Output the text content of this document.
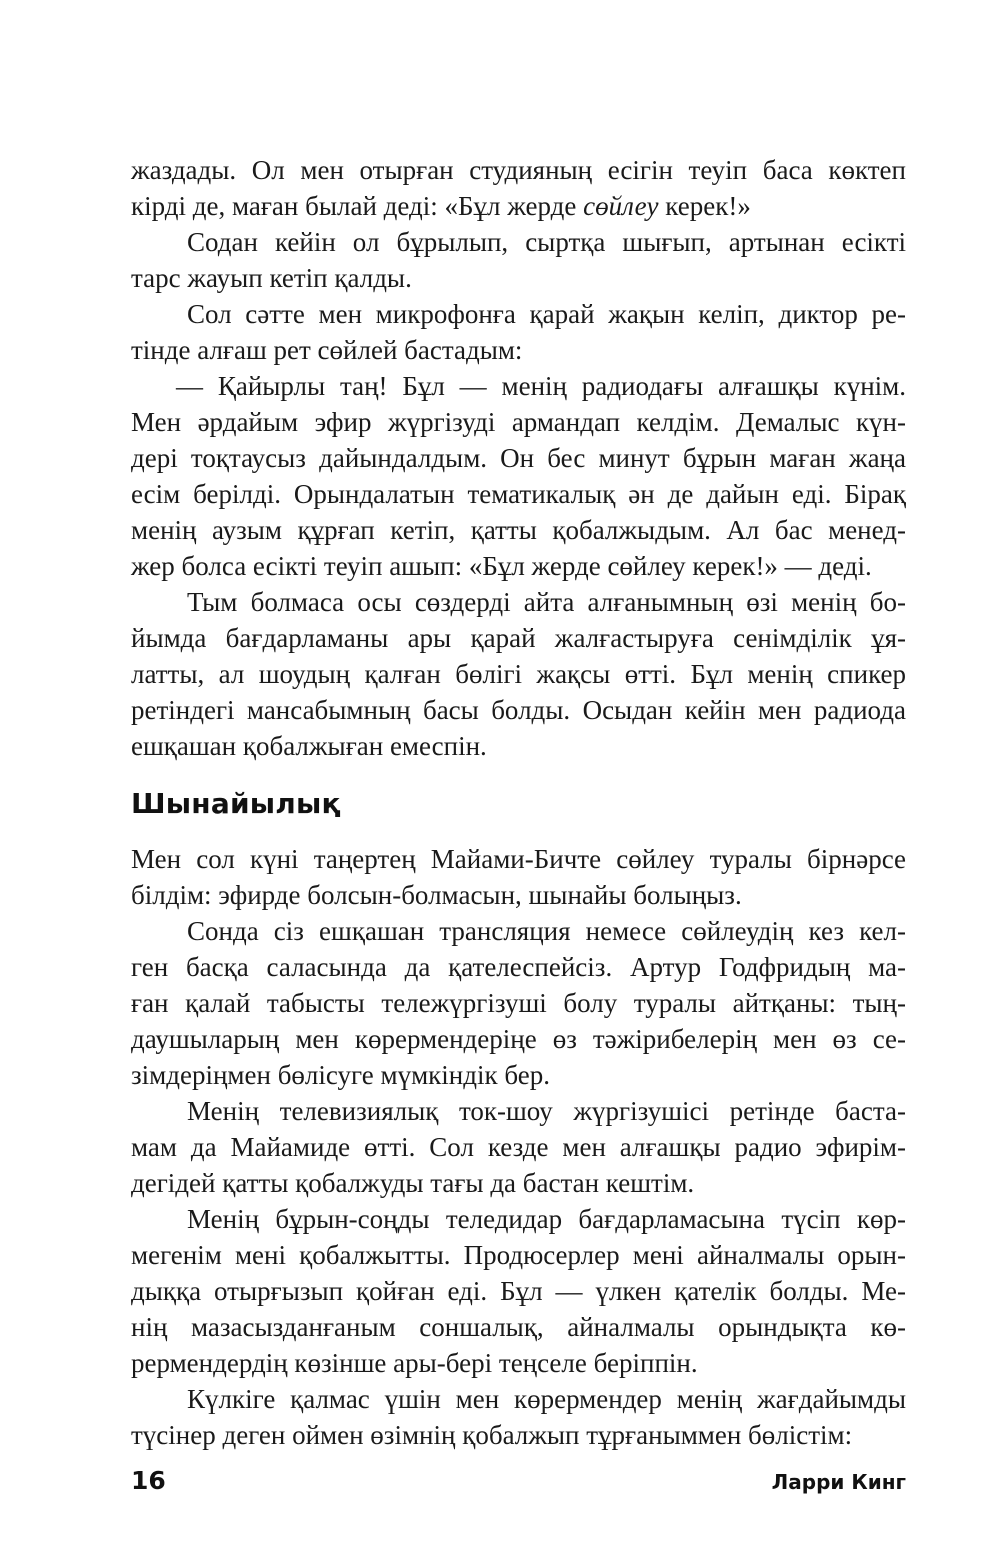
жаздады. Ол мен отырған студияның есігін теуіп баса көктеп
кірді де, маған былай деді: «Бұл жерде сөйлеу керек!»
Содан кейін ол бұрылып, сыртқа шығып, артынан есікті
тарс жауып кетіп қалды.
Сол сәтте мен микрофонға қарай жақын келіп, диктор ре-
тінде алғаш рет сөйлей бастадым:
— Қайырлы таң! Бұл — менің радиодағы алғашқы күнім.
Мен әрдайым эфир жүргізуді армандап келдім. Демалыс күн-
дері тоқтаусыз дайындалдым. Он бес минут бұрын маған жаңа
есім берілді. Орындалатын тематикалық ән де дайын еді. Бірақ
менің аузым құрғап кетіп, қатты қобалжыдым. Ал бас менед-
жер болса есікті теуіп ашып: «Бұл жерде сөйлеу керек!» — деді.
Тым болмаса осы сөздерді айта алғанымның өзі менің бо-
йымда бағдарламаны ары қарай жалғастыруға сенімділік ұя-
латты, ал шоудың қалған бөлігі жақсы өтті. Бұл менің спикер
ретіндегі мансабымның басы болды. Осыдан кейін мен радиода
ешқашан қобалжыған емеспін.
Шынайылық
Мен сол күні таңертең Майами-Бичте сөйлеу туралы бірнәрсе
білдім: эфирде болсын-болмасын, шынайы болыңыз.
Сонда сіз ешқашан трансляция немесе сөйлеудің кез кел-
ген басқа саласында да қателеспейсіз. Артур Годфридың ма-
ған қалай табысты тележүргізуші болу туралы айтқаны: тың-
даушыларың мен көрермендеріңе өз тәжірибелерің мен өз се-
зімдеріңмен бөлісуге мүмкіндік бер.
Менің телевизиялық ток-шоу жүргізушісі ретінде баста-
мам да Майамиде өтті. Сол кезде мен алғашқы радио эфирім-
дегідей қатты қобалжуды тағы да бастан кештім.
Менің бұрын-соңды теледидар бағдарламасына түсіп көр-
мегенім мені қобалжытты. Продюсерлер мені айналмалы орын-
дыққа отырғызып қойған еді. Бұл — үлкен қателік болды. Ме-
нің мазасызданғаным соншалық, айналмалы орындықта кө-
рермендердің көзінше ары-бері теңселе беріппін.
Күлкіге қалмас үшін мен көрермендер менің жағдайымды
түсінер деген оймен өзімнің қобалжып тұрғаныммен бөлістім:
16	Ларри Кинг
